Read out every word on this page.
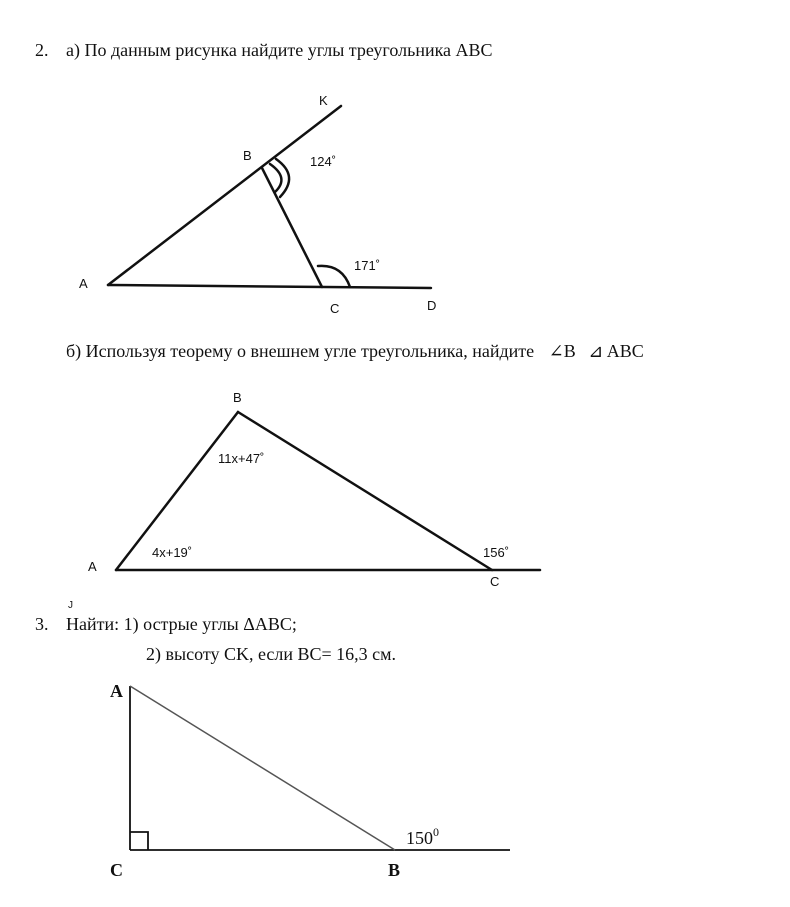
2. а) По данным рисунка найдите углы треугольника ABC
K
B
A
C	D
124˚
171˚
б) Используя теорему о внешнем угле треугольника, найдите ∠B ⊿ ABC
B
A
C
11x+47˚
4x+19˚	156˚
J
3. Найти: 1) острые углы ΔABC;
2) высоту CK, если BC= 16,3 см.
A
C	B
$150^0$
